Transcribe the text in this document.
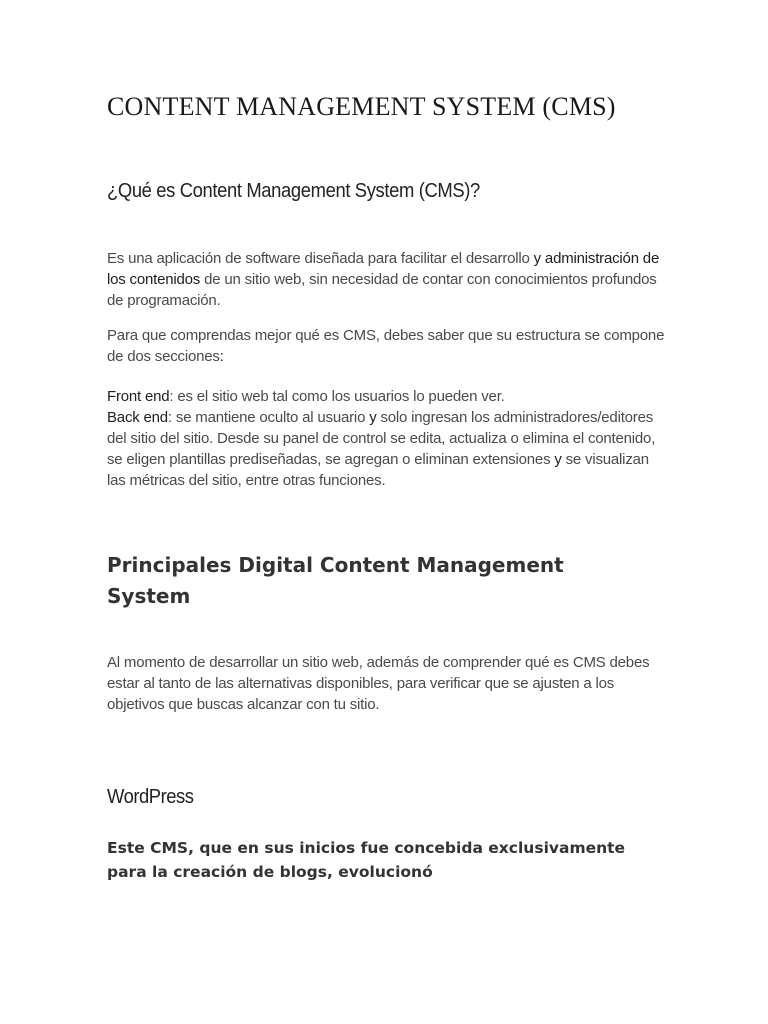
CONTENT MANAGEMENT SYSTEM (CMS)
¿Qué es Content Management System (CMS)?

Es una aplicación de software diseñada para facilitar el desarrollo y administración de los contenidos de un sitio web, sin necesidad de contar con conocimientos profundos de programación.

Para que comprendas mejor qué es CMS, debes saber que su estructura se compone de dos secciones:

Front end: es el sitio web tal como los usuarios lo pueden ver.
Back end: se mantiene oculto al usuario y solo ingresan los administradores/editores del sitio del sitio. Desde su panel de control se edita, actualiza o elimina el contenido, se eligen plantillas prediseñadas, se agregan o eliminan extensiones y se visualizan las métricas del sitio, entre otras funciones.

Principales Digital Content Management System

Al momento de desarrollar un sitio web, además de comprender qué es CMS debes estar al tanto de las alternativas disponibles, para verificar que se ajusten a los objetivos que buscas alcanzar con tu sitio.

WordPress

Este CMS, que en sus inicios fue concebida exclusivamente para la creación de blogs, evolucionó
